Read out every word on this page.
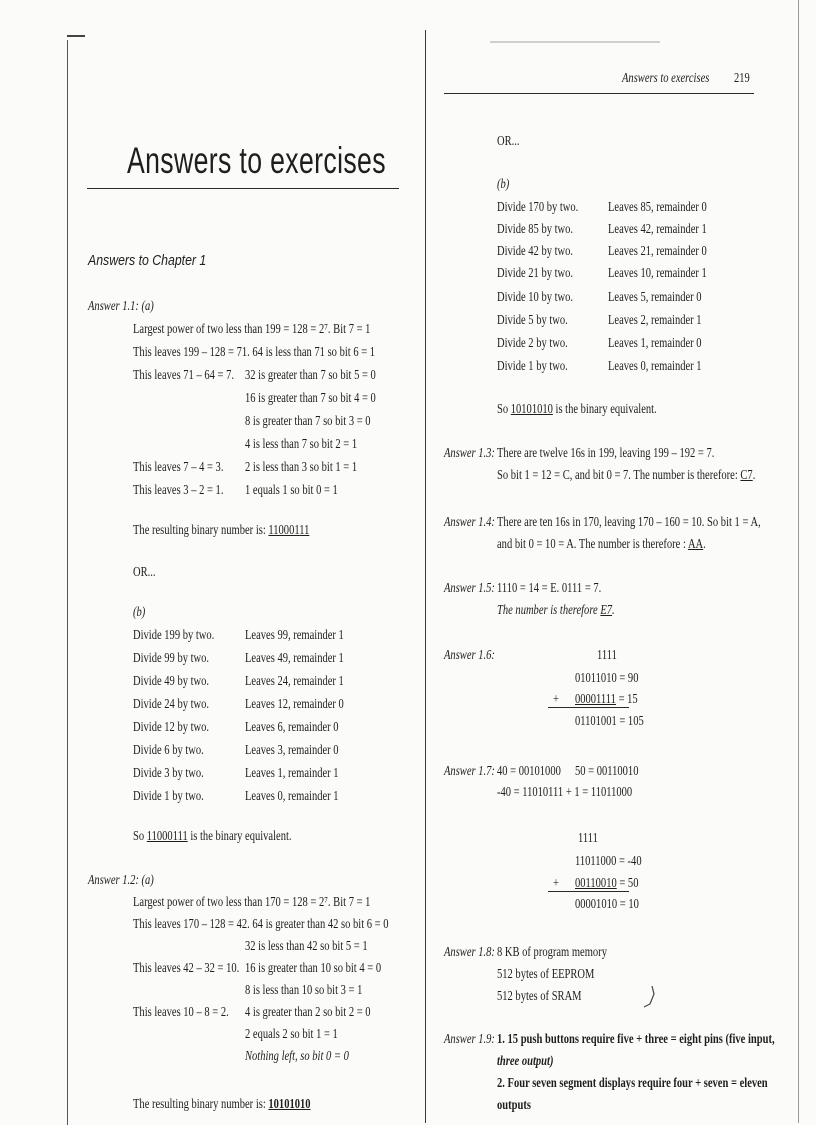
Answers to exercises
Answers to Chapter 1
Answer 1.1: (a)
Largest power of two less than 199 = 128 = 2⁷. Bit 7 = 1
This leaves 199 – 128 = 71. 64 is less than 71 so bit 6 = 1
This leaves 71 – 64 = 7. 32 is greater than 7 so bit 5 = 0
16 is greater than 7 so bit 4 = 0
8 is greater than 7 so bit 3 = 0
4 is less than 7 so bit 2 = 1
This leaves 7 – 4 = 3. 2 is less than 3 so bit 1 = 1
This leaves 3 – 2 = 1. 1 equals 1 so bit 0 = 1
The resulting binary number is: 11000111
OR...
(b)
Divide 199 by two. Leaves 99, remainder 1
Divide 99 by two.	Leaves 49, remainder 1
Divide 49 by two.	Leaves 24, remainder 1
Divide 24 by two.	Leaves 12, remainder 0
Divide 12 by two.	Leaves 6, remainder 0
Divide 6 by two.	Leaves 3, remainder 0
Divide 3 by two.	Leaves 1, remainder 1
Divide 1 by two.	Leaves 0, remainder 1
So 11000111 is the binary equivalent.
Answer 1.2: (a)
Largest power of two less than 170 = 128 = 2⁷. Bit 7 = 1
This leaves 170 – 128 = 42. 64 is greater than 42 so bit 6 = 0
32 is less than 42 so bit 5 = 1
This leaves 42 – 32 = 10. 16 is greater than 10 so bit 4 = 0
8 is less than 10 so bit 3 = 1
This leaves 10 – 8 = 2. 4 is greater than 2 so bit 2 = 0
2 equals 2 so bit 1 = 1
Nothing left, so bit 0 = 0
The resulting binary number is: 10101010
Answers to exercises 219
OR...
(b)
Divide 170 by two. Leaves 85, remainder 0
Divide 85 by two.	Leaves 42, remainder 1
Divide 42 by two.	Leaves 21, remainder 0
Divide 21 by two.	Leaves 10, remainder 1
Divide 10 by two.	Leaves 5, remainder 0
Divide 5 by two.	Leaves 2, remainder 1
Divide 2 by two.	Leaves 1, remainder 0
Divide 1 by two.	Leaves 0, remainder 1
So 10101010 is the binary equivalent.
Answer 1.3: There are twelve 16s in 199, leaving 199 – 192 = 7.
So bit 1 = 12 = C, and bit 0 = 7. The number is therefore: C7.
Answer 1.4: There are ten 16s in 170, leaving 170 – 160 = 10. So bit 1 = A,
and bit 0 = 10 = A. The number is therefore : AA.
Answer 1.5: 1110 = 14 = E. 0111 = 7.
The number is therefore E7.
Answer 1.6:	1111
01011010 = 90
+ 00001111 = 15
01101001 = 105
Answer 1.7: 40 = 00101000 50 = 00110010
-40 = 11010111 + 1 = 11011000
1111
11011000 = -40
+ 00110010 = 50
00001010 = 10
Answer 1.8: 8 KB of program memory
512 bytes of EEPROM
512 bytes of SRAM
Answer 1.9: 1. 15 push buttons require five + three = eight pins (five input,
three output)
2. Four seven segment displays require four + seven = eleven
outputs
